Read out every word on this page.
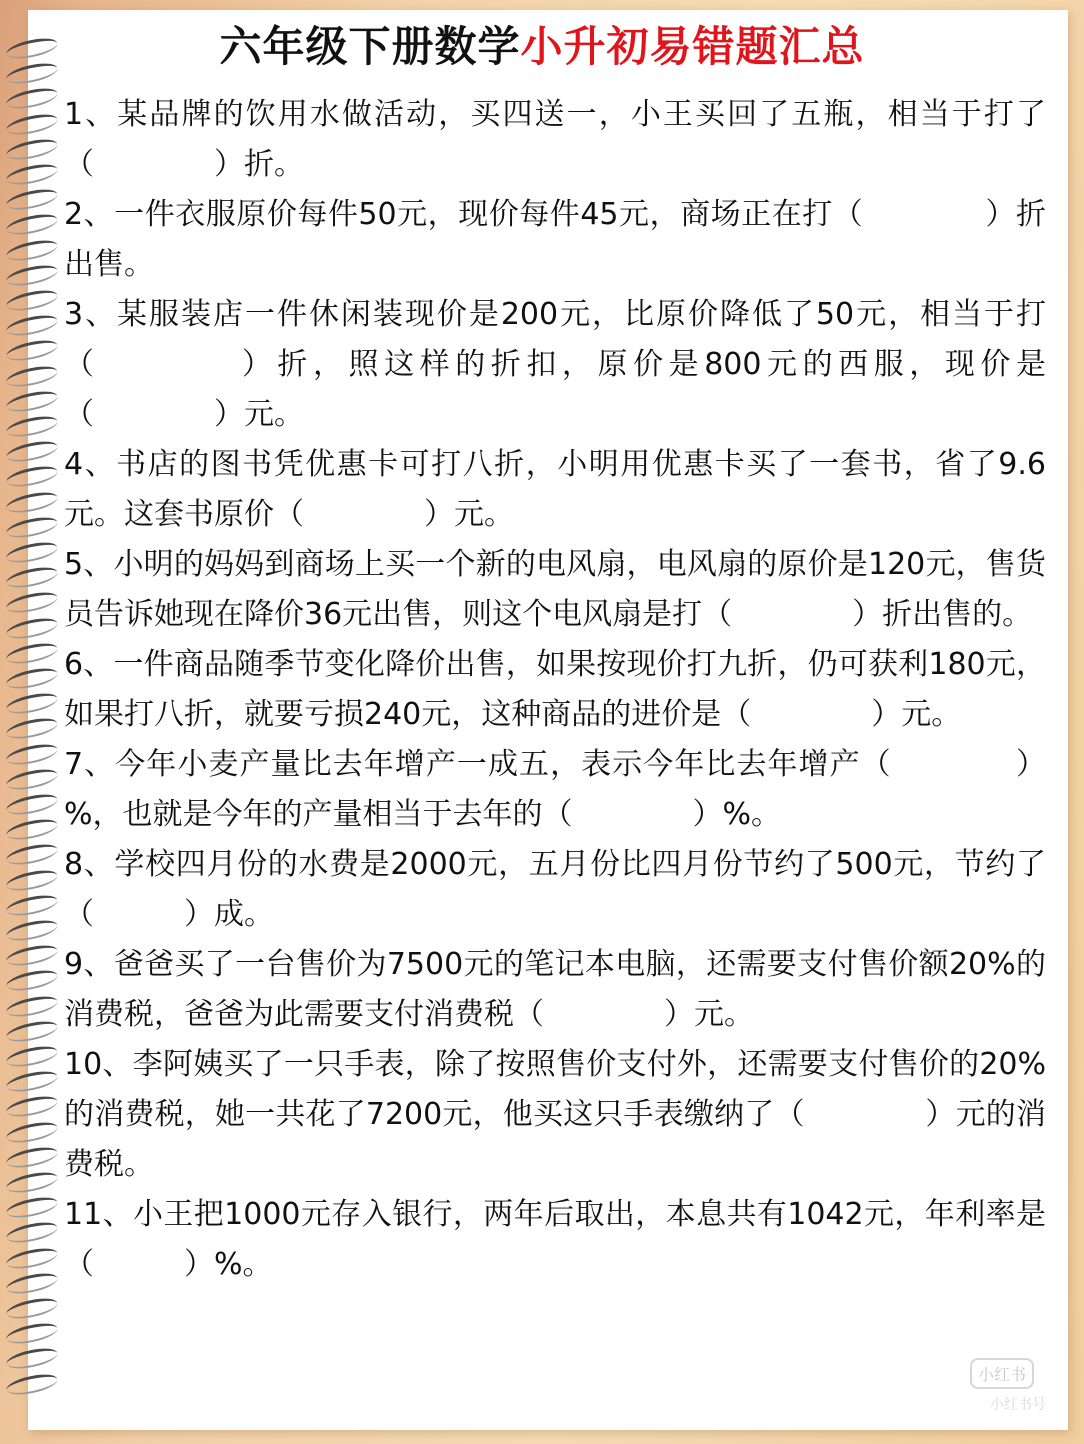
六年级下册数学小升初易错题汇总

1、某品牌的饮用水做活动，买四送一，小王买回了五瓶，相当于打了（　　　　）折。

2、一件衣服原价每件50元，现价每件45元，商场正在打（　　　　）折出售。

3、某服装店一件休闲装现价是200元，比原价降低了50元，相当于打（　　　　）折，照这样的折扣，原价是800元的西服，现价是（　　　　）元。

4、书店的图书凭优惠卡可打八折，小明用优惠卡买了一套书，省了9.6元。这套书原价（　　　　）元。

5、小明的妈妈到商场上买一个新的电风扇，电风扇的原价是120元，售货员告诉她现在降价36元出售，则这个电风扇是打（　　　　）折出售的。

6、一件商品随季节变化降价出售，如果按现价打九折，仍可获利180元，如果打八折，就要亏损240元，这种商品的进价是（　　　　）元。

7、今年小麦产量比去年增产一成五，表示今年比去年增产（　　　　）%，也就是今年的产量相当于去年的（　　　　）%。

8、学校四月份的水费是2000元，五月份比四月份节约了500元，节约了（　　　）成。

9、爸爸买了一台售价为7500元的笔记本电脑，还需要支付售价额20%的消费税，爸爸为此需要支付消费税（　　　　）元。

10、李阿姨买了一只手表，除了按照售价支付外，还需要支付售价的20%的消费税，她一共花了7200元，他买这只手表缴纳了（　　　　）元的消费税。

11、小王把1000元存入银行，两年后取出，本息共有1042元，年利率是（　　　）%。

小红书
小红书号
